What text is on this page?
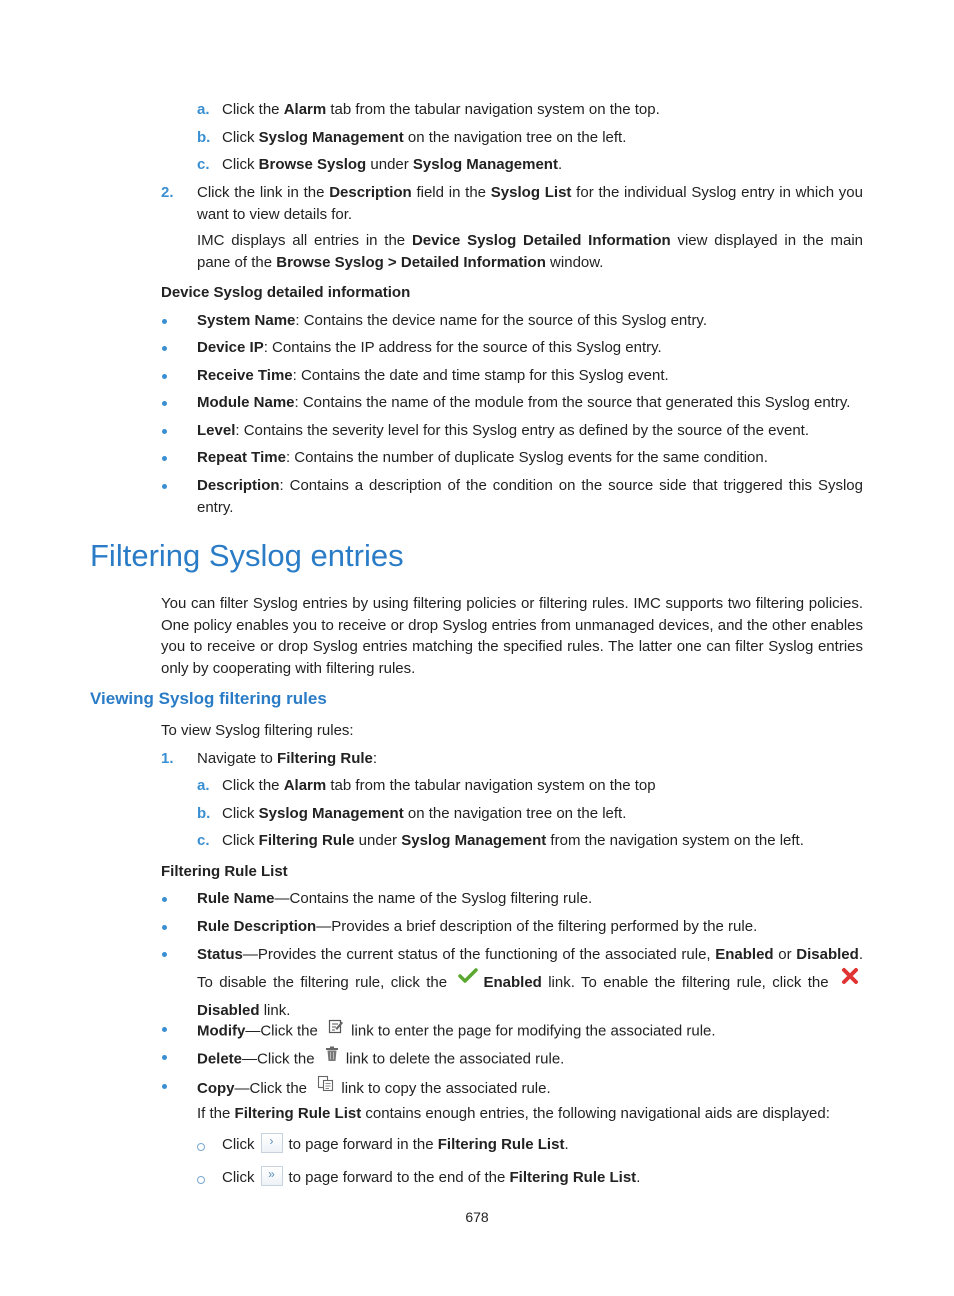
a. Click the Alarm tab from the tabular navigation system on the top.
b. Click Syslog Management on the navigation tree on the left.
c. Click Browse Syslog under Syslog Management.
2. Click the link in the Description field in the Syslog List for the individual Syslog entry in which you want to view details for.
IMC displays all entries in the Device Syslog Detailed Information view displayed in the main pane of the Browse Syslog > Detailed Information window.
Device Syslog detailed information
System Name: Contains the device name for the source of this Syslog entry.
Device IP: Contains the IP address for the source of this Syslog entry.
Receive Time: Contains the date and time stamp for this Syslog event.
Module Name: Contains the name of the module from the source that generated this Syslog entry.
Level: Contains the severity level for this Syslog entry as defined by the source of the event.
Repeat Time: Contains the number of duplicate Syslog events for the same condition.
Description: Contains a description of the condition on the source side that triggered this Syslog entry.
Filtering Syslog entries
You can filter Syslog entries by using filtering policies or filtering rules. IMC supports two filtering policies. One policy enables you to receive or drop Syslog entries from unmanaged devices, and the other enables you to receive or drop Syslog entries matching the specified rules. The latter one can filter Syslog entries only by cooperating with filtering rules.
Viewing Syslog filtering rules
To view Syslog filtering rules:
1. Navigate to Filtering Rule:
a. Click the Alarm tab from the tabular navigation system on the top
b. Click Syslog Management on the navigation tree on the left.
c. Click Filtering Rule under Syslog Management from the navigation system on the left.
Filtering Rule List
Rule Name—Contains the name of the Syslog filtering rule.
Rule Description—Provides a brief description of the filtering performed by the rule.
Status—Provides the current status of the functioning of the associated rule, Enabled or Disabled. To disable the filtering rule, click the Enabled link. To enable the filtering rule, click the Disabled link.
Modify—Click the  link to enter the page for modifying the associated rule.
Delete—Click the  link to delete the associated rule.
Copy—Click the  link to copy the associated rule.
If the Filtering Rule List contains enough entries, the following navigational aids are displayed:
Click › to page forward in the Filtering Rule List.
Click » to page forward to the end of the Filtering Rule List.
678
